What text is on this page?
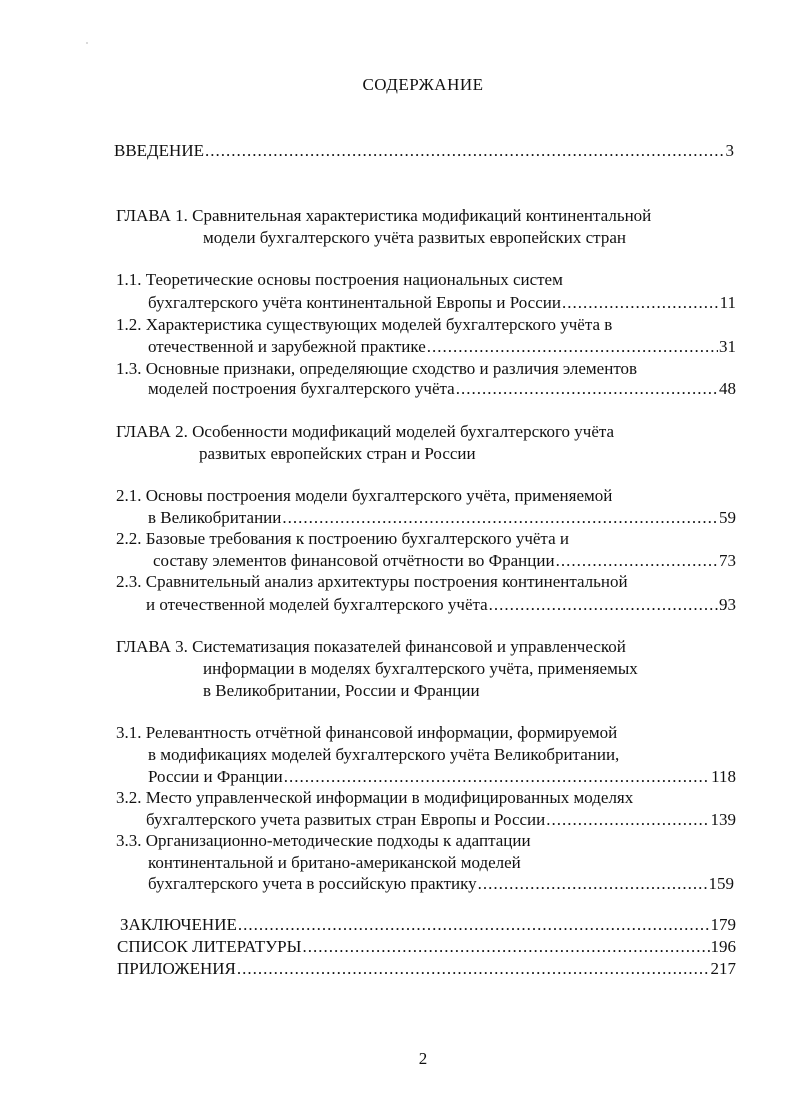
СОДЕРЖАНИЕ
ВВЕДЕНИЕ .....	3
ГЛАВА 1. Сравнительная характеристика модификаций континентальной
модели бухгалтерского учёта развитых европейских стран
1.1. Теоретические основы построения национальных систем
бухгалтерского учёта континентальной Европы и России .....	11
1.2. Характеристика существующих моделей бухгалтерского учёта в
отечественной и зарубежной практике .....	31
1.3. Основные признаки, определяющие сходство и различия элементов
моделей построения бухгалтерского учёта .....	48
ГЛАВА 2. Особенности модификаций моделей бухгалтерского учёта
развитых европейских стран и России
2.1. Основы построения модели бухгалтерского учёта, применяемой
в Великобритании .....	59
2.2. Базовые требования к построению бухгалтерского учёта и
составу элементов финансовой отчётности во Франции .....	73
2.3. Сравнительный анализ архитектуры построения континентальной
и отечественной моделей бухгалтерского учёта .....	93
ГЛАВА 3. Систематизация показателей финансовой и управленческой
информации в моделях бухгалтерского учёта, применяемых
в Великобритании, России и Франции
3.1. Релевантность отчётной финансовой информации, формируемой
в модификациях моделей бухгалтерского учёта Великобритании,
России и Франции .....	118
3.2. Место управленческой информации в модифицированных моделях
бухгалтерского учета развитых стран Европы и России .....	139
3.3. Организационно-методические подходы к адаптации
континентальной и британо-американской моделей
бухгалтерского учета в российскую практику .....	159
ЗАКЛЮЧЕНИЕ .....	179
СПИСОК ЛИТЕРАТУРЫ .....	196
ПРИЛОЖЕНИЯ .....	217
2
